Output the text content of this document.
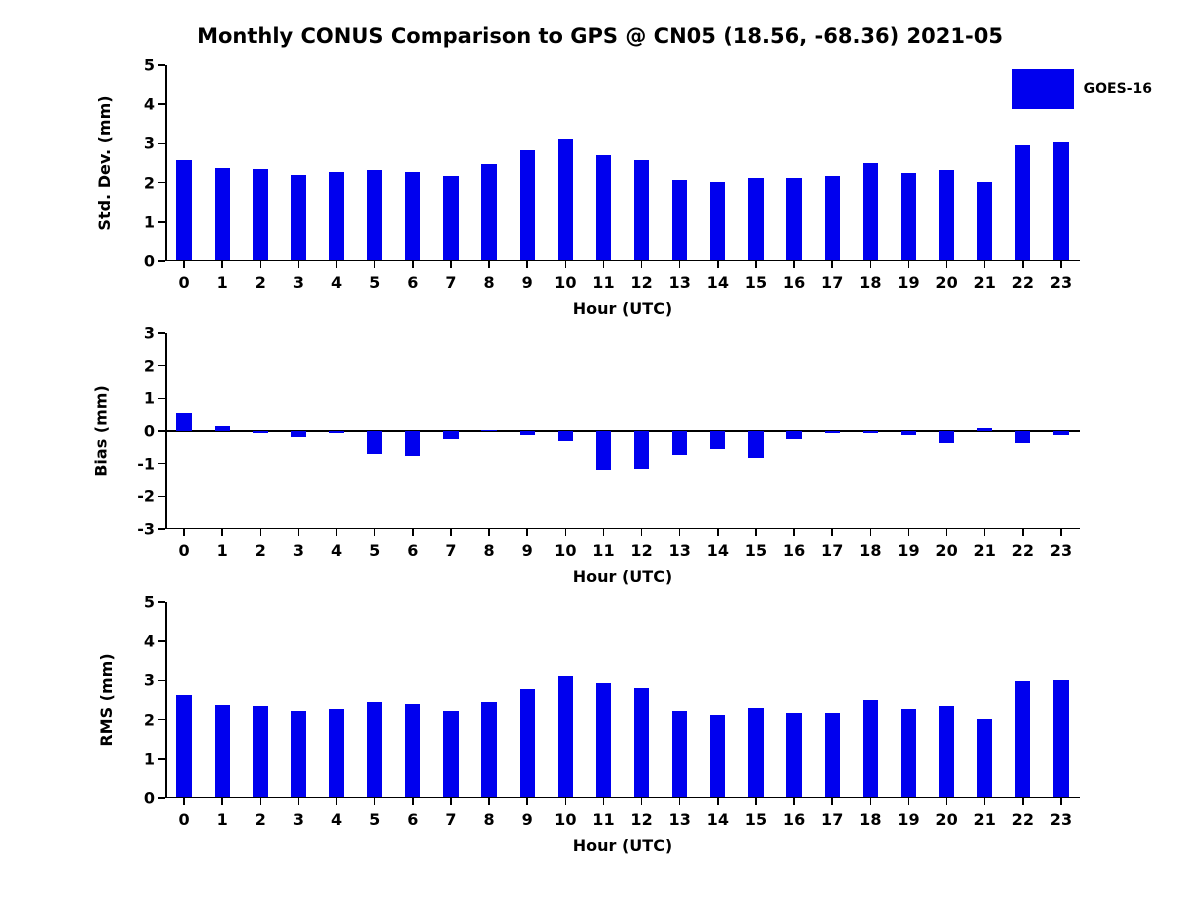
Monthly CONUS Comparison to GPS @ CN05 (18.56, -68.36) 2021-05
0
1
2
3
4
5
0 1 2 3 4 5 6 7 8 9 10 11 12 13 14 15 16 17 18 19 20 21 22 23
Std. Dev. (mm)
Hour (UTC)
GOES-16
-3
-2
-1
0
1
2
3
0 1 2 3 4 5 6 7 8 9 10 11 12 13 14 15 16 17 18 19 20 21 22 23
Bias (mm)
Hour (UTC)
0
1
2
3
4
5
0 1 2 3 4 5 6 7 8 9 10 11 12 13 14 15 16 17 18 19 20 21 22 23
RMS (mm)
Hour (UTC)
